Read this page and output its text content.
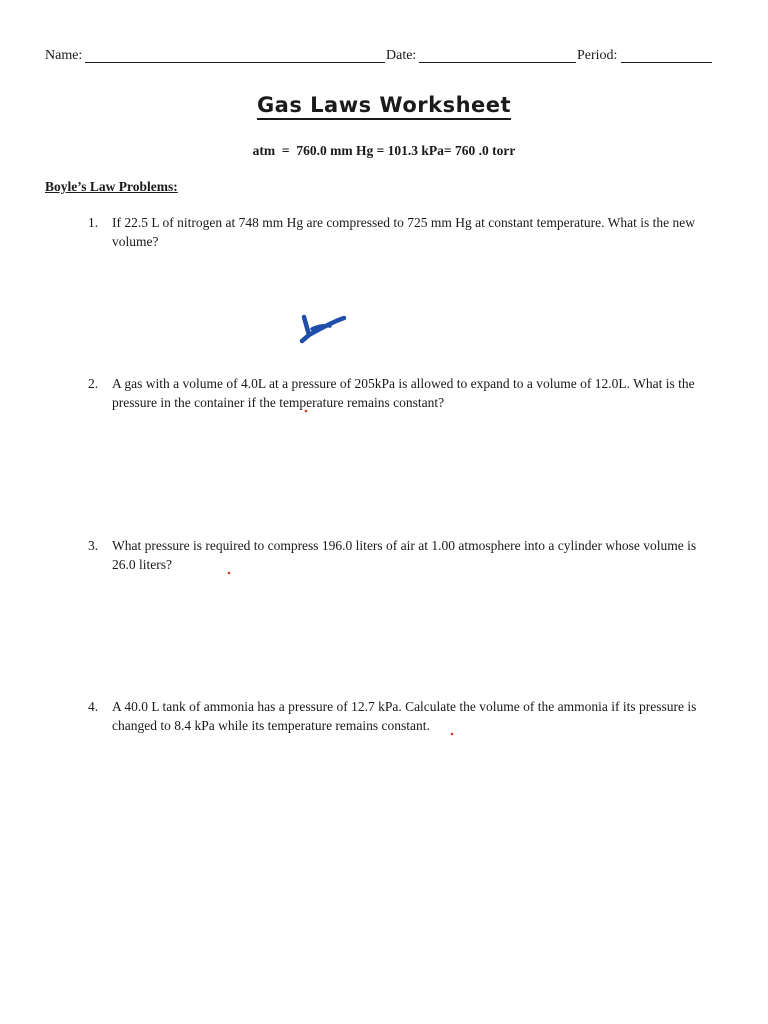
Name:	Date:	Period:
Gas Laws Worksheet
atm  =  760.0 mm Hg = 101.3 kPa= 760 .0 torr
Boyle’s Law Problems:
1.	If 22.5 L of nitrogen at 748 mm Hg are compressed to 725 mm Hg at constant temperature. What is the new volume?
2.	A gas with a volume of 4.0L at a pressure of 205kPa is allowed to expand to a volume of 12.0L. What is the pressure in the container if the temperature remains constant?
3.	What pressure is required to compress 196.0 liters of air at 1.00 atmosphere into a cylinder whose volume is 26.0 liters?
4.	A 40.0 L tank of ammonia has a pressure of 12.7 kPa. Calculate the volume of the ammonia if its pressure is changed to 8.4 kPa while its temperature remains constant.
